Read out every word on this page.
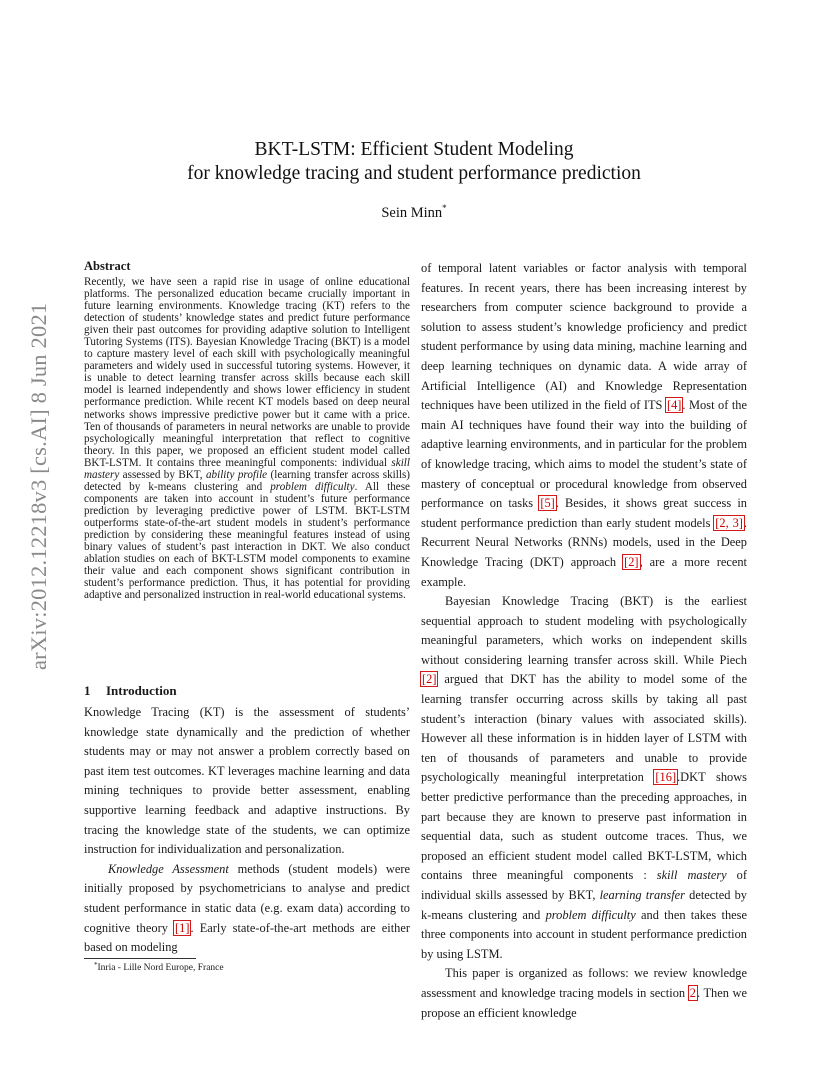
arXiv:2012.12218v3 [cs.AI] 8 Jun 2021
BKT-LSTM: Efficient Student Modeling
for knowledge tracing and student performance prediction
Sein Minn*
Abstract

Recently, we have seen a rapid rise in usage of online educational platforms. The personalized education became crucially important in future learning environments. Knowledge tracing (KT) refers to the detection of students’ knowledge states and predict future performance given their past outcomes for providing adaptive solution to Intelligent Tutoring Systems (ITS). Bayesian Knowledge Tracing (BKT) is a model to capture mastery level of each skill with psychologically meaningful parameters and widely used in successful tutoring systems. However, it is unable to detect learning transfer across skills because each skill model is learned independently and shows lower efficiency in student performance prediction. While recent KT models based on deep neural networks shows impressive predictive power but it came with a price. Ten of thousands of parameters in neural networks are unable to provide psychologically meaningful interpretation that reflect to cognitive theory. In this paper, we proposed an efficient student model called BKT-LSTM. It contains three meaningful components: individual skill mastery assessed by BKT, ability profile (learning transfer across skills) detected by k-means clustering and problem difficulty. All these components are taken into account in student’s future performance prediction by leveraging predictive power of LSTM. BKT-LSTM outperforms state-of-the-art student models in student’s performance prediction by considering these meaningful features instead of using binary values of student’s past interaction in DKT. We also conduct ablation studies on each of BKT-LSTM model components to examine their value and each component shows significant contribution in student’s performance prediction. Thus, it has potential for providing adaptive and personalized instruction in real-world educational systems.

1 Introduction

Knowledge Tracing (KT) is the assessment of students’ knowledge state dynamically and the prediction of whether students may or may not answer a problem correctly based on past item test outcomes. KT leverages machine learning and data mining techniques to provide better assessment, enabling supportive learning feedback and adaptive instructions. By tracing the knowledge state of the students, we can optimize instruction for individualization and personalization.

Knowledge Assessment methods (student models) were initially proposed by psychometricians to analyse and predict student performance in static data (e.g. exam data) according to cognitive theory [1]. Early state-of-the-art methods are either based on modeling

of temporal latent variables or factor analysis with temporal features. In recent years, there has been increasing interest by researchers from computer science background to provide a solution to assess student’s knowledge proficiency and predict student performance by using data mining, machine learning and deep learning techniques on dynamic data. A wide array of Artificial Intelligence (AI) and Knowledge Representation techniques have been utilized in the field of ITS [4]. Most of the main AI techniques have found their way into the building of adaptive learning environments, and in particular for the problem of knowledge tracing, which aims to model the student’s state of mastery of conceptual or procedural knowledge from observed performance on tasks [5]. Besides, it shows great success in student performance prediction than early student models [2, 3]. Recurrent Neural Networks (RNNs) models, used in the Deep Knowledge Tracing (DKT) approach [2], are a more recent example.

Bayesian Knowledge Tracing (BKT) is the earliest sequential approach to student modeling with psychologically meaningful parameters, which works on independent skills without considering learning transfer across skill. While Piech [2] argued that DKT has the ability to model some of the learning transfer occurring across skills by taking all past student’s interaction (binary values with associated skills). However all these information is in hidden layer of LSTM with ten of thousands of parameters and unable to provide psychologically meaningful interpretation [16].DKT shows better predictive performance than the preceding approaches, in part because they are known to preserve past information in sequential data, such as student outcome traces. Thus, we proposed an efficient student model called BKT-LSTM, which contains three meaningful components : skill mastery of individual skills assessed by BKT, learning transfer detected by k-means clustering and problem difficulty and then takes these three components into account in student performance prediction by using LSTM.

This paper is organized as follows: we review knowledge assessment and knowledge tracing models in section 2. Then we propose an efficient knowledge

*Inria - Lille Nord Europe, France
